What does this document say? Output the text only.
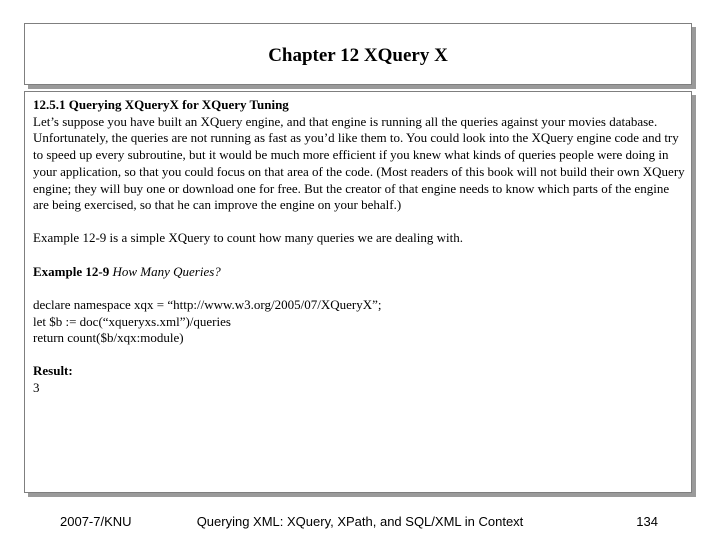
Chapter 12 XQuery X

12.5.1 Querying XQueryX for XQuery Tuning

Let’s suppose you have built an XQuery engine, and that engine is running all the queries against your movies database. Unfortunately, the queries are not running as fast as you’d like them to. You could look into the XQuery engine code and try to speed up every subroutine, but it would be much more efficient if you knew what kinds of queries people were doing in your application, so that you could focus on that area of the code. (Most readers of this book will not build their own XQuery engine; they will buy one or download one for free. But the creator of that engine needs to know which parts of the engine are being exercised, so that he can improve the engine on your behalf.)

Example 12-9 is a simple XQuery to count how many queries we are dealing with.

Example 12-9 How Many Queries?

declare namespace xqx = “http://www.w3.org/2005/07/XQueryX”;

let $b := doc(“xqueryxs.xml”)/queries

return count($b/xqx:module)

Result:

3

2007-7/KNU	Querying XML: XQuery, XPath, and SQL/XML in Context	134
